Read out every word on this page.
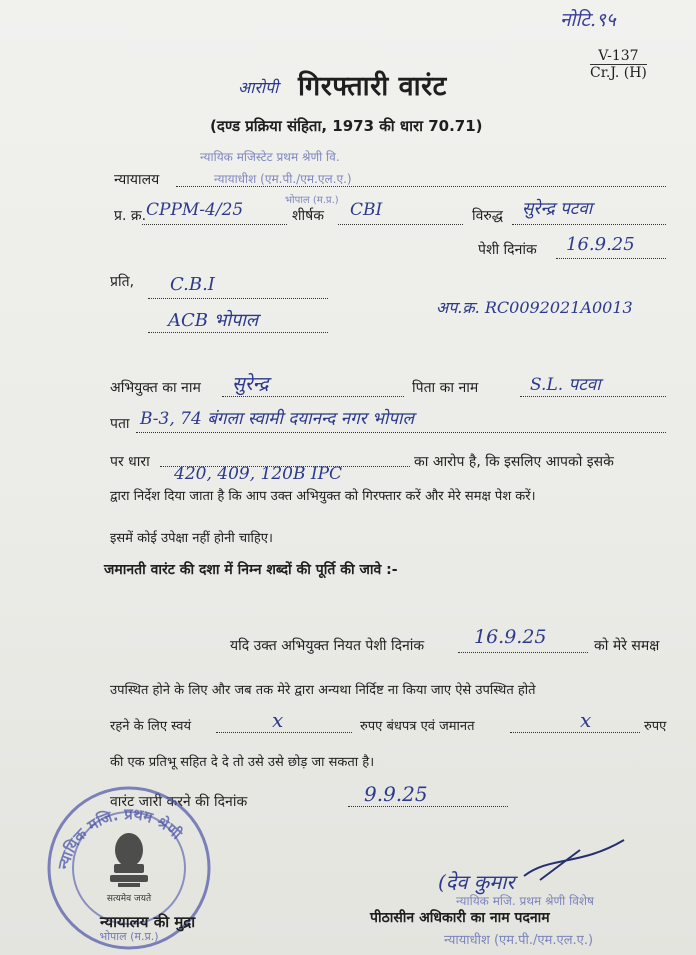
नोटि.९५
V-137
Cr.J. (H)
आरोपी गिरफ्तारी वारंट
(दण्ड प्रक्रिया संहिता, 1973 की धारा 70.71)
न्यायालय
न्यायिक मजिस्टेट प्रथम श्रेणी वि.
न्यायाधीश (एम.पी./एम.एल.ए.)
भोपाल (म.प्र.)
प्र. क्र. CPPM-4/25	शीर्षक CBI	विरुद्ध सुरेन्द्र पटवा
पेशी दिनांक 16.9.25
प्रति, C.B.I
ACB भोपाल
अप.क्र. RC0092021A0013
अभियुक्त का नाम सुरेन्द्र	पिता का नाम	S.L. पटवा
पता B-3, 74 बंगला स्वामी दयानन्द नगर भोपाल
पर धारा
420, 409, 120B IPC
का आरोप है, कि इसलिए आपको इसके
द्वारा निर्देश दिया जाता है कि आप उक्त अभियुक्त को गिरफ्तार करें और मेरे समक्ष पेश करें।
इसमें कोई उपेक्षा नहीं होनी चाहिए।
जमानती वारंट की दशा में निम्न शब्दों की पूर्ति की जावे :-
यदि उक्त अभियुक्त नियत पेशी दिनांक	16.9.25	को मेरे समक्ष
उपस्थित होने के लिए और जब तक मेरे द्वारा अन्यथा निर्दिष्ट ना किया जाए ऐसे उपस्थित होते
रहने के लिए स्वयं	x	रुपए बंधपत्र एवं जमानत	x	रुपए
की एक प्रतिभू सहित दे दे तो उसे उसे छोड़ जा सकता है।
वारंट जारी करने की दिनांक	9.9.25
न्यायिक मजि. प्रथम श्रेणी
सत्यमेव जयते
भोपाल (म.प्र.)
न्यायालय की मुद्रा
(देव कुमार
न्यायिक मजि. प्रथम श्रेणी विशेष
पीठासीन अधिकारी का नाम पदनाम
न्यायाधीश (एम.पी./एम.एल.ए.)
